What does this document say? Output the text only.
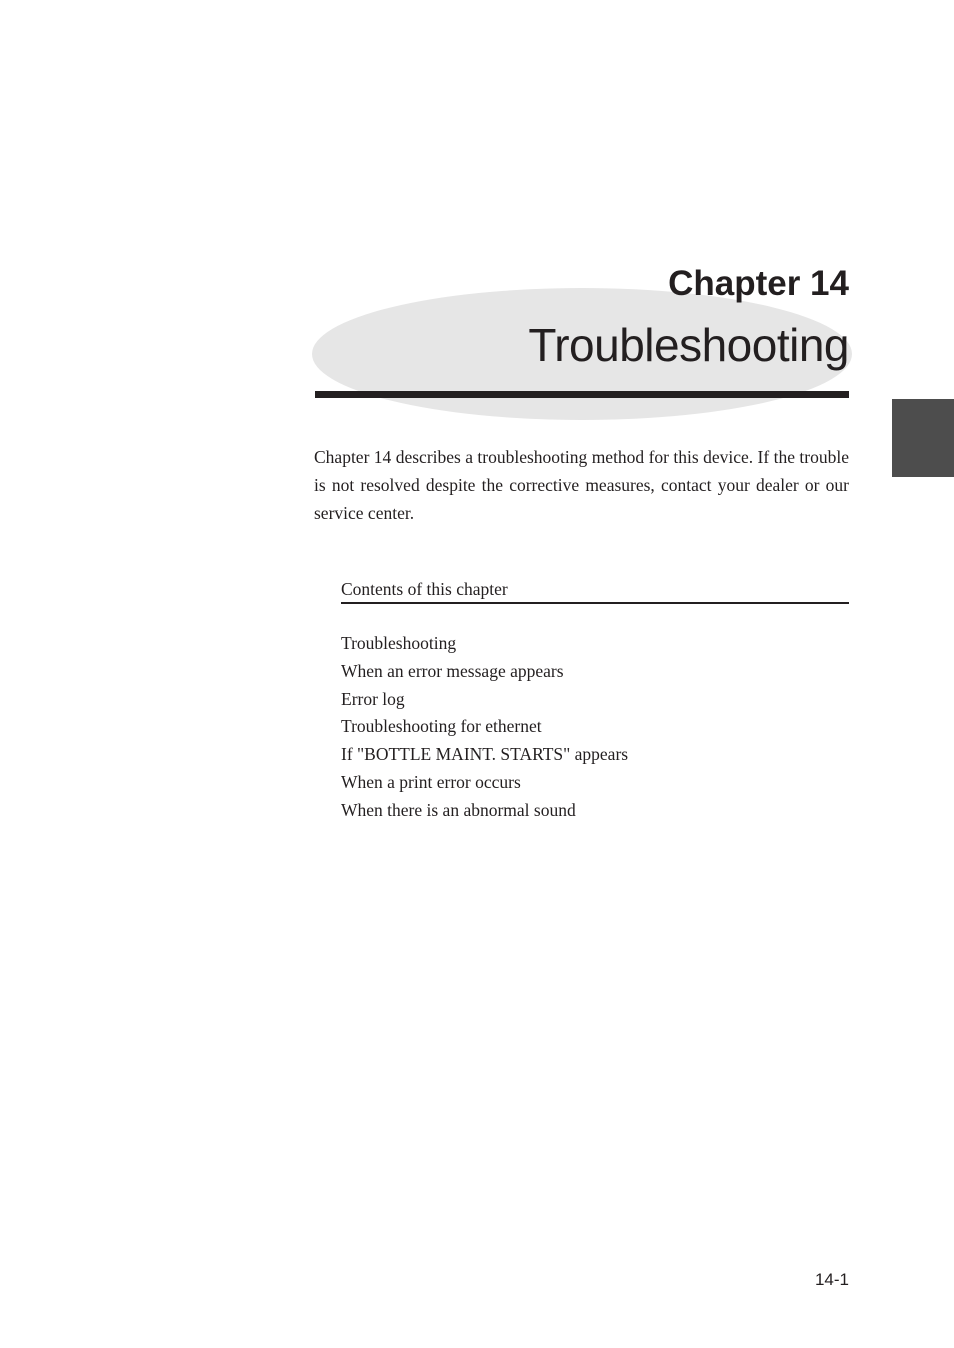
Chapter 14
Troubleshooting

Chapter 14 describes a troubleshooting method for this device. If the trouble is not resolved despite the corrective measures, contact your dealer or our service center.

Contents of this chapter
Troubleshooting
When an error message appears
Error log
Troubleshooting for ethernet
If "BOTTLE MAINT. STARTS" appears
When a print error occurs
When there is an abnormal sound
14-1
